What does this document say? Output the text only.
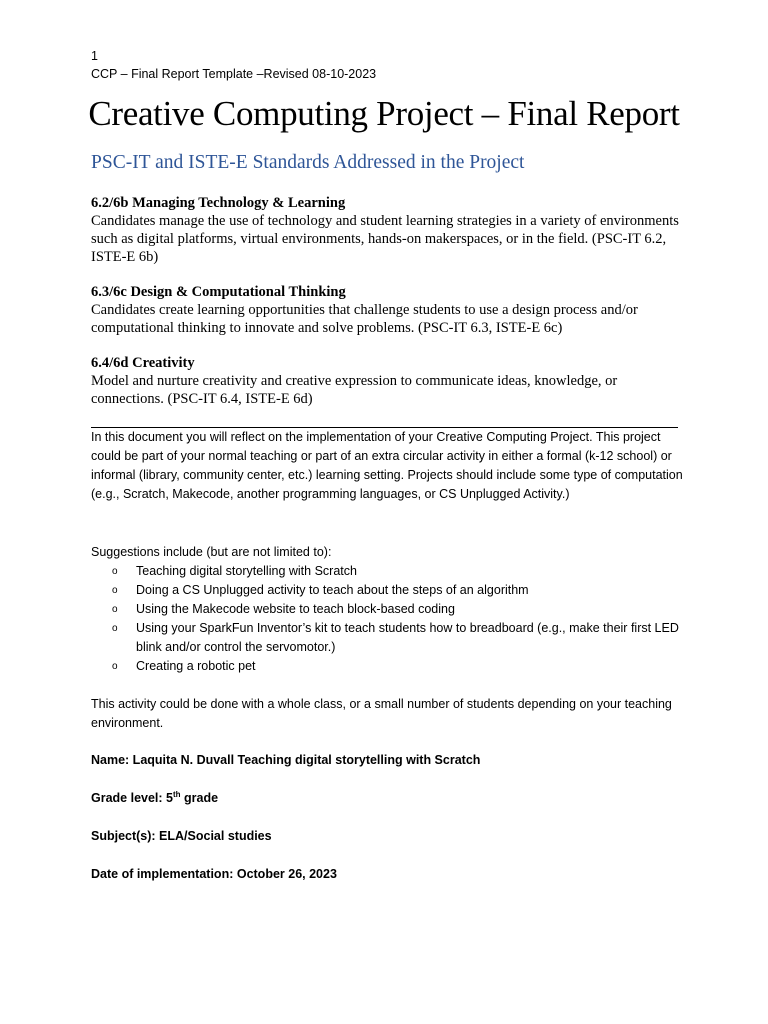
1
CCP – Final Report Template –Revised 08-10-2023
Creative Computing Project – Final Report
PSC-IT and ISTE-E Standards Addressed in the Project
6.2/6b Managing Technology & Learning

Candidates manage the use of technology and student learning strategies in a variety of environments such as digital platforms, virtual environments, hands-on makerspaces, or in the field. (PSC-IT 6.2, ISTE-E 6b)

6.3/6c Design & Computational Thinking

Candidates create learning opportunities that challenge students to use a design process and/or computational thinking to innovate and solve problems. (PSC-IT 6.3, ISTE-E 6c)

6.4/6d Creativity

Model and nurture creativity and creative expression to communicate ideas, knowledge, or connections. (PSC-IT 6.4, ISTE-E 6d)

In this document you will reflect on the implementation of your Creative Computing Project. This project could be part of your normal teaching or part of an extra circular activity in either a formal (k-12 school) or informal (library, community center, etc.) learning setting. Projects should include some type of computation (e.g., Scratch, Makecode, another programming languages, or CS Unplugged Activity.)

Suggestions include (but are not limited to):

o Teaching digital storytelling with Scratch
o Doing a CS Unplugged activity to teach about the steps of an algorithm
o Using the Makecode website to teach block-based coding
o Using your SparkFun Inventor’s kit to teach students how to breadboard (e.g., make their first LED blink and/or control the servomotor.)
o Creating a robotic pet

This activity could be done with a whole class, or a small number of students depending on your teaching environment.

Name: Laquita N. Duvall Teaching digital storytelling with Scratch
Grade level: 5th grade
Subject(s): ELA/Social studies
Date of implementation: October 26, 2023
